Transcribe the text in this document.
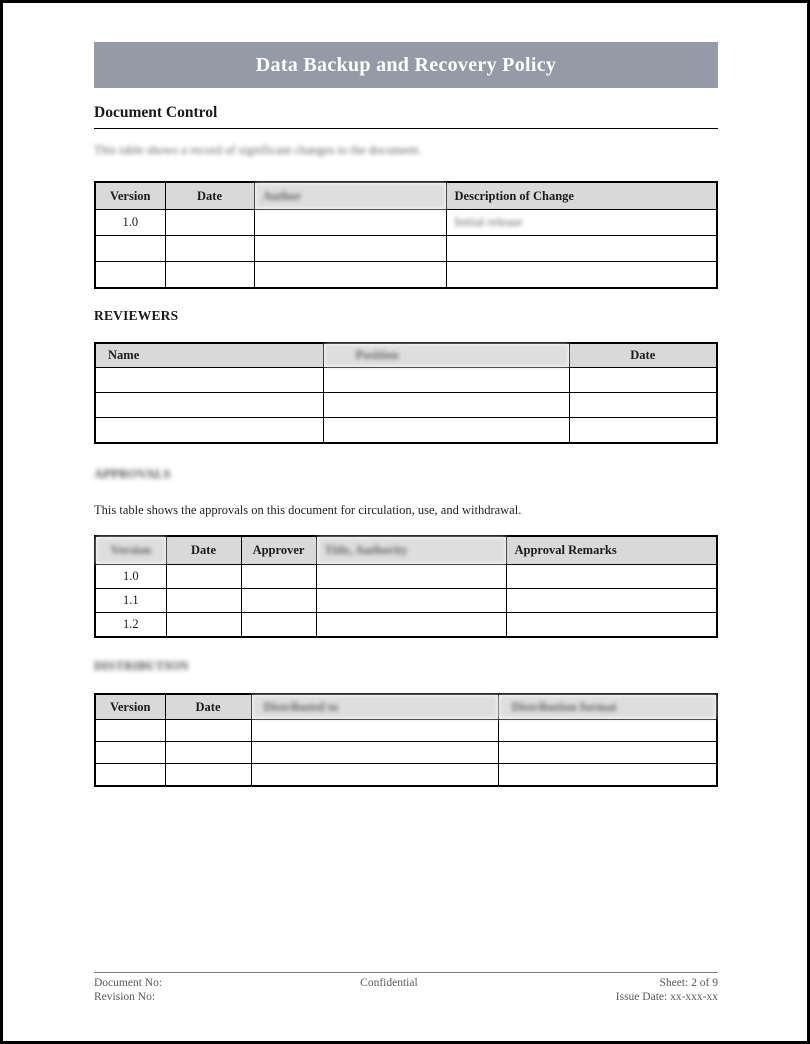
Data Backup and Recovery Policy
Document Control
This table shows a record of significant changes to the document.
Version	Date	Author	Description of Change
1.0			Initial release

REVIEWERS
Name	Position	Date

APPROVALS
This table shows the approvals on this document for circulation, use, and withdrawal.
Version	Date	Approver	Title, Authority	Approval Remarks
1.0				
1.1				
1.2				
DISTRIBUTION
Version	Date	Distributed to	Distribution format

Document No:
Revision No:
Confidential	Sheet: 2 of 9
Issue Date: xx-xxx-xx
